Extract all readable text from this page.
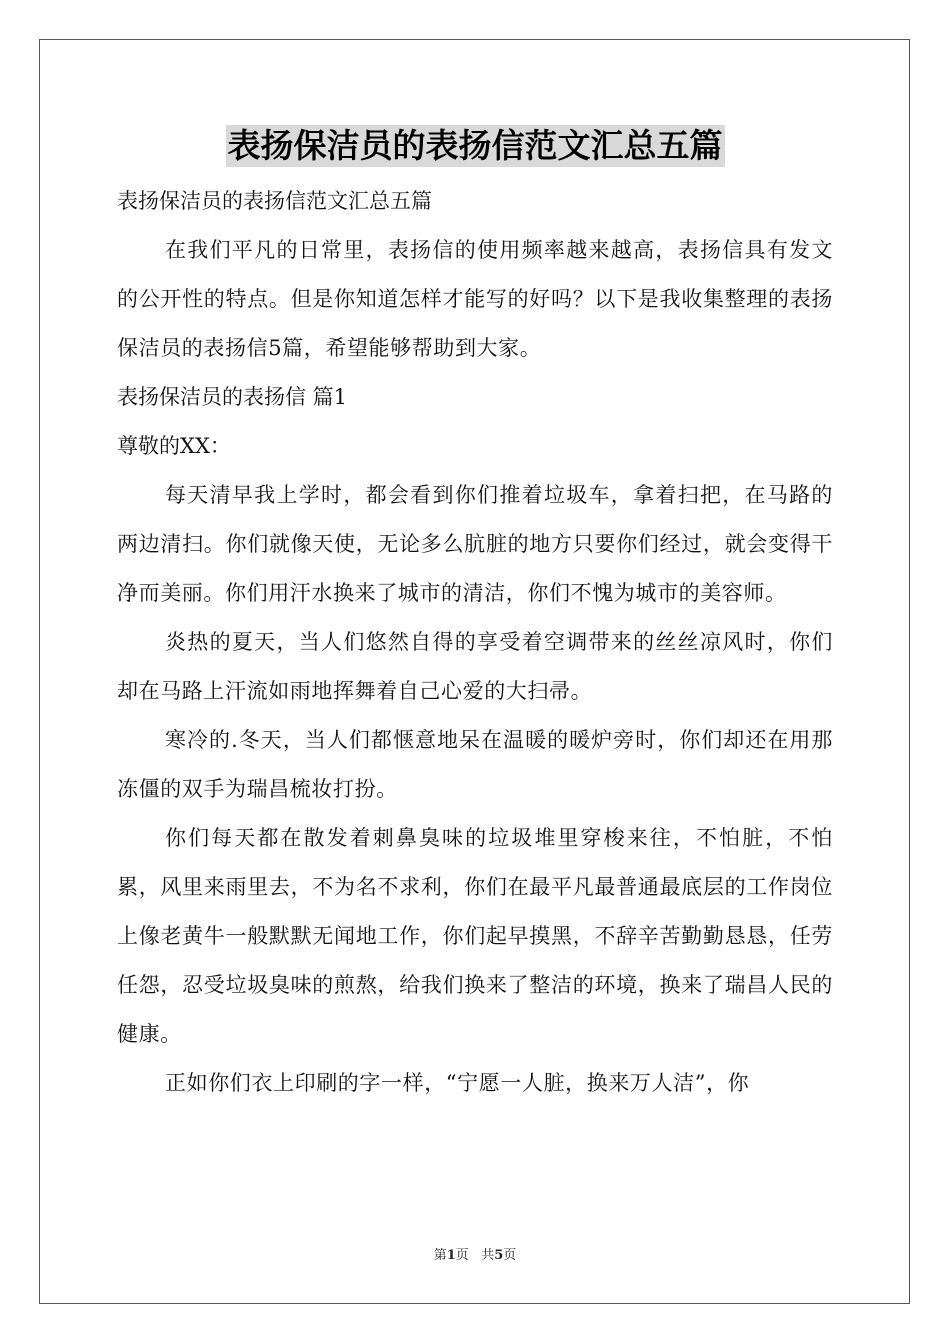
表扬保洁员的表扬信范文汇总五篇

表扬保洁员的表扬信范文汇总五篇

在我们平凡的日常里，表扬信的使用频率越来越高，表扬信具有发文的公开性的特点。但是你知道怎样才能写的好吗？以下是我收集整理的表扬保洁员的表扬信5篇，希望能够帮助到大家。

表扬保洁员的表扬信 篇1

尊敬的XX：

每天清早我上学时，都会看到你们推着垃圾车，拿着扫把，在马路的两边清扫。你们就像天使，无论多么肮脏的地方只要你们经过，就会变得干净而美丽。你们用汗水换来了城市的清洁，你们不愧为城市的美容师。

炎热的夏天，当人们悠然自得的享受着空调带来的丝丝凉风时，你们却在马路上汗流如雨地挥舞着自己心爱的大扫帚。

寒冷的.冬天，当人们都惬意地呆在温暖的暖炉旁时，你们却还在用那冻僵的双手为瑞昌梳妆打扮。

你们每天都在散发着刺鼻臭味的垃圾堆里穿梭来往，不怕脏，不怕累，风里来雨里去，不为名不求利，你们在最平凡最普通最底层的工作岗位上像老黄牛一般默默无闻地工作，你们起早摸黑，不辞辛苦勤勤恳恳，任劳任怨，忍受垃圾臭味的煎熬，给我们换来了整洁的环境，换来了瑞昌人民的健康。

正如你们衣上印刷的字一样，“宁愿一人脏，换来万人洁”，你

第1页 共5页
